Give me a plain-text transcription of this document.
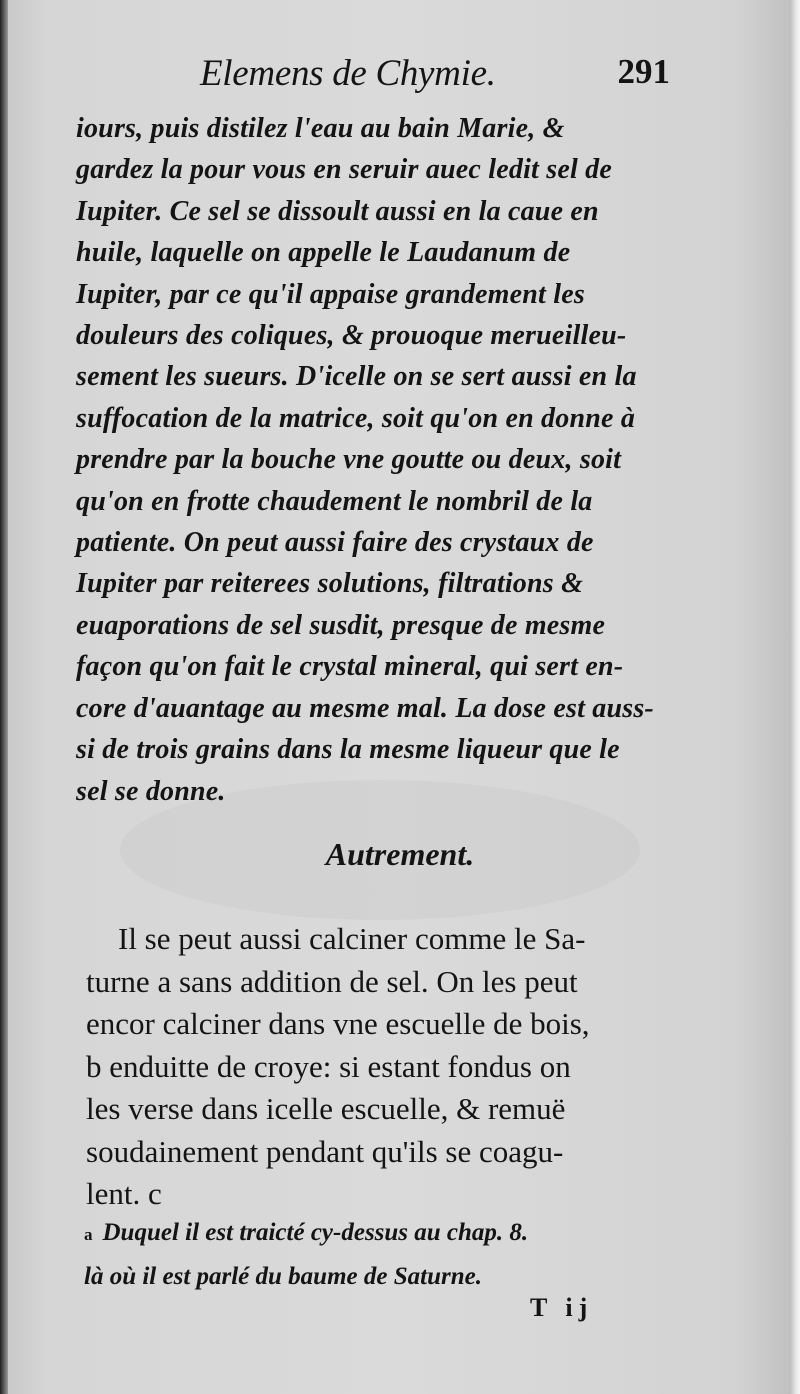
Elemens de Chymie.	291
iours, puis distilez l'eau au bain Marie, &
gardez la pour vous en seruir auec ledit sel de
Iupiter. Ce sel se dissoult aussi en la caue en
huile, laquelle on appelle le Laudanum de
Iupiter, par ce qu'il appaise grandement les
douleurs des coliques, & prouoque merueilleu-
sement les sueurs. D'icelle on se sert aussi en la
suffocation de la matrice, soit qu'on en donne à
prendre par la bouche vne goutte ou deux, soit
qu'on en frotte chaudement le nombril de la
patiente. On peut aussi faire des crystaux de
Iupiter par reiterees solutions, filtrations &
euaporations de sel susdit, presque de mesme
façon qu'on fait le crystal mineral, qui sert en-
core d'auantage au mesme mal. La dose est auss-
si de trois grains dans la mesme liqueur que le
sel se donne.
Autrement.
Il se peut aussi calciner comme le Sa-
turne a sans addition de sel. On les peut
encor calciner dans vne escuelle de bois,
b enduitte de croye: si estant fondus on
les verse dans icelle escuelle, & remuë
soudainement pendant qu'ils se coagu-
lent. c
a Duquel il est traicté cy-dessus au chap. 8.
là où il est parlé du baume de Saturne.
T ij
